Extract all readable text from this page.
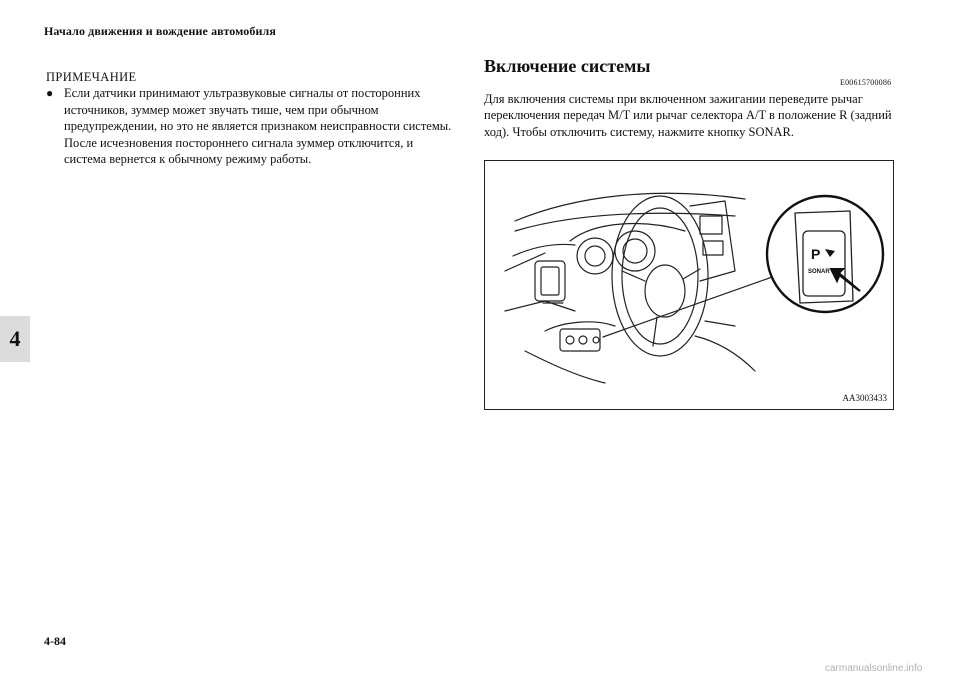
Начало движения и вождение автомобиля
4
ПРИМЕЧАНИЕ
● Если датчики принимают ультразвуковые сигналы от посторонних источников, зуммер может звучать тише, чем при обычном предупреждении, но это не является признаком неисправности системы. После исчезновения постороннего сигнала зуммер отключится, и система вернется к обычному режиму работы.
Включение системы
E00615700086
Для включения системы при включенном зажигании переведите рычаг переключения передач M/T или рычаг селектора A/T в положение R (задний ход). Чтобы отключить систему, нажмите кнопку SONAR.
P
SONAR
AA3003433
4-84
carmanualsonline.info
